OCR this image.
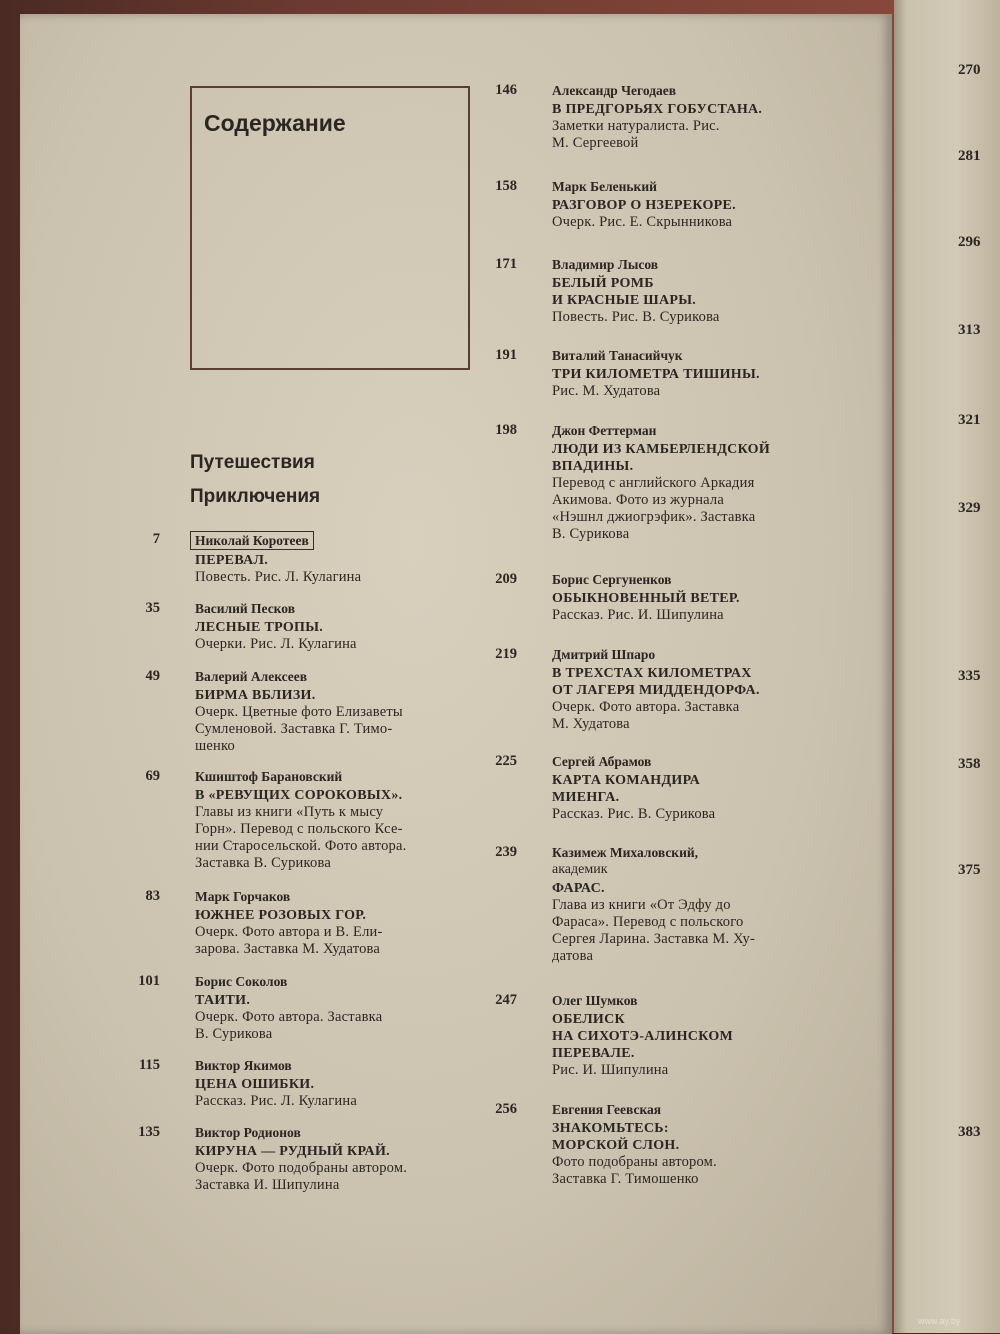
Содержание
Путешествия
Приключения
7	Николай Коротеев
ПЕРЕВАЛ.
Повесть. Рис. Л. Кулагина
35	Василий Песков
ЛЕСНЫЕ ТРОПЫ.
Очерки. Рис. Л. Кулагина
49	Валерий Алексеев
БИРМА ВБЛИЗИ.
Очерк. Цветные фото Елизаветы
Сумленовой. Заставка Г. Тимо-
шенко
69	Кшиштоф Барановский
В «РЕВУЩИХ СОРОКОВЫХ».
Главы из книги «Путь к мысу
Горн». Перевод с польского Ксе-
нии Старосельской. Фото автора.
Заставка В. Сурикова
83	Марк Горчаков
ЮЖНЕЕ РОЗОВЫХ ГОР.
Очерк. Фото автора и В. Ели-
зарова. Заставка М. Худатова
101	Борис Соколов
ТАИТИ.
Очерк. Фото автора. Заставка
В. Сурикова
115	Виктор Якимов
ЦЕНА ОШИБКИ.
Рассказ. Рис. Л. Кулагина
135	Виктор Родионов
КИРУНА — РУДНЫЙ КРАЙ.
Очерк. Фото подобраны автором.
Заставка И. Шипулина
146	Александр Чегодаев
В ПРЕДГОРЬЯХ ГОБУСТАНА.
Заметки натуралиста. Рис.
М. Сергеевой
158	Марк Беленький
РАЗГОВОР О НЗЕРЕКОРЕ.
Очерк. Рис. Е. Скрынникова
171	Владимир Лысов
БЕЛЫЙ РОМБ
И КРАСНЫЕ ШАРЫ.
Повесть. Рис. В. Сурикова
191	Виталий Танасийчук
ТРИ КИЛОМЕТРА ТИШИНЫ.
Рис. М. Худатова
198	Джон Феттерман
ЛЮДИ ИЗ КАМБЕРЛЕНДСКОЙ
ВПАДИНЫ.
Перевод с английского Аркадия
Акимова. Фото из журнала
«Нэшнл джиогрэфик». Заставка
В. Сурикова
209	Борис Сергуненков
ОБЫКНОВЕННЫЙ ВЕТЕР.
Рассказ. Рис. И. Шипулина
219	Дмитрий Шпаро
В ТРЕХСТАХ КИЛОМЕТРАХ
ОТ ЛАГЕРЯ МИДДЕНДОРФА.
Очерк. Фото автора. Заставка
М. Худатова
225	Сергей Абрамов
КАРТА КОМАНДИРА
МИЕНГА.
Рассказ. Рис. В. Сурикова
239	Казимеж Михаловский,
академик
ФАРАС.
Глава из книги «От Эдфу до
Фараса». Перевод с польского
Сергея Ларина. Заставка М. Ху-
датова
247	Олег Шумков
ОБЕЛИСК
НА СИХОТЭ-АЛИНСКОМ
ПЕРЕВАЛЕ.
Рис. И. Шипулина
256	Евгения Геевская
ЗНАКОМЬТЕСЬ:
МОРСКОЙ СЛОН.
Фото подобраны автором.
Заставка Г. Тимошенко
270
281
296
313
321
329
335
358
375
383
www.ay.by
